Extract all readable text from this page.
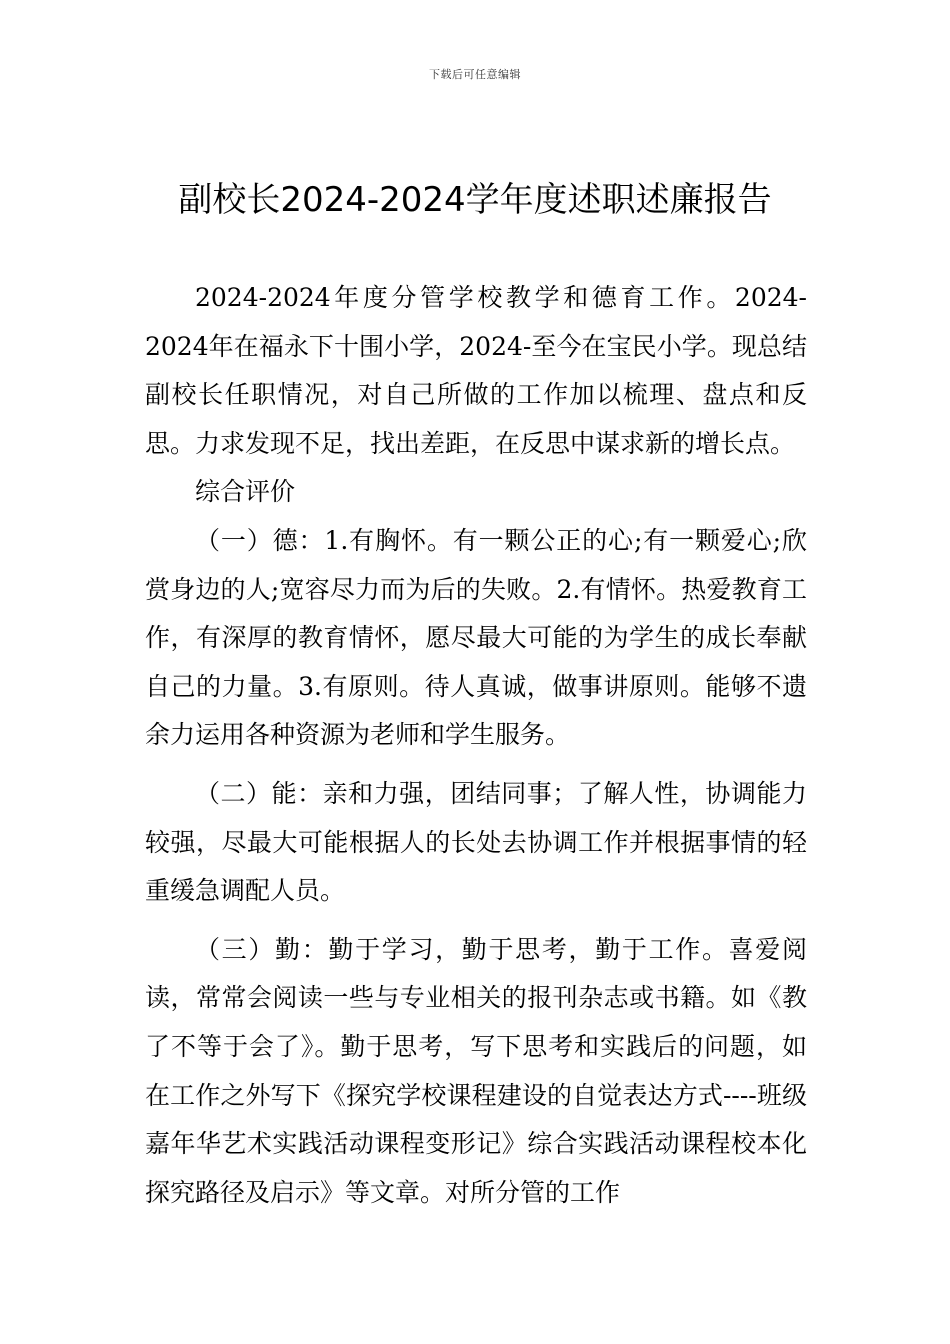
下载后可任意编辑
副校长2024-2024学年度述职述廉报告

2024-2024年度分管学校教学和德育工作。2024-2024年在福永下十围小学，2024-至今在宝民小学。现总结副校长任职情况，对自己所做的工作加以梳理、盘点和反思。力求发现不足，找出差距，在反思中谋求新的增长点。

综合评价

（一）德：1.有胸怀。有一颗公正的心;有一颗爱心;欣赏身边的人;宽容尽力而为后的失败。2.有情怀。热爱教育工作，有深厚的教育情怀，愿尽最大可能的为学生的成长奉献自己的力量。3.有原则。待人真诚，做事讲原则。能够不遗余力运用各种资源为老师和学生服务。

（二）能：亲和力强，团结同事；了解人性，协调能力较强，尽最大可能根据人的长处去协调工作并根据事情的轻重缓急调配人员。

（三）勤：勤于学习，勤于思考，勤于工作。喜爱阅读，常常会阅读一些与专业相关的报刊杂志或书籍。如《教了不等于会了》。勤于思考，写下思考和实践后的问题，如在工作之外写下《探究学校课程建设的自觉表达方式----班级嘉年华艺术实践活动课程变形记》综合实践活动课程校本化探究路径及启示》等文章。对所分管的工作
